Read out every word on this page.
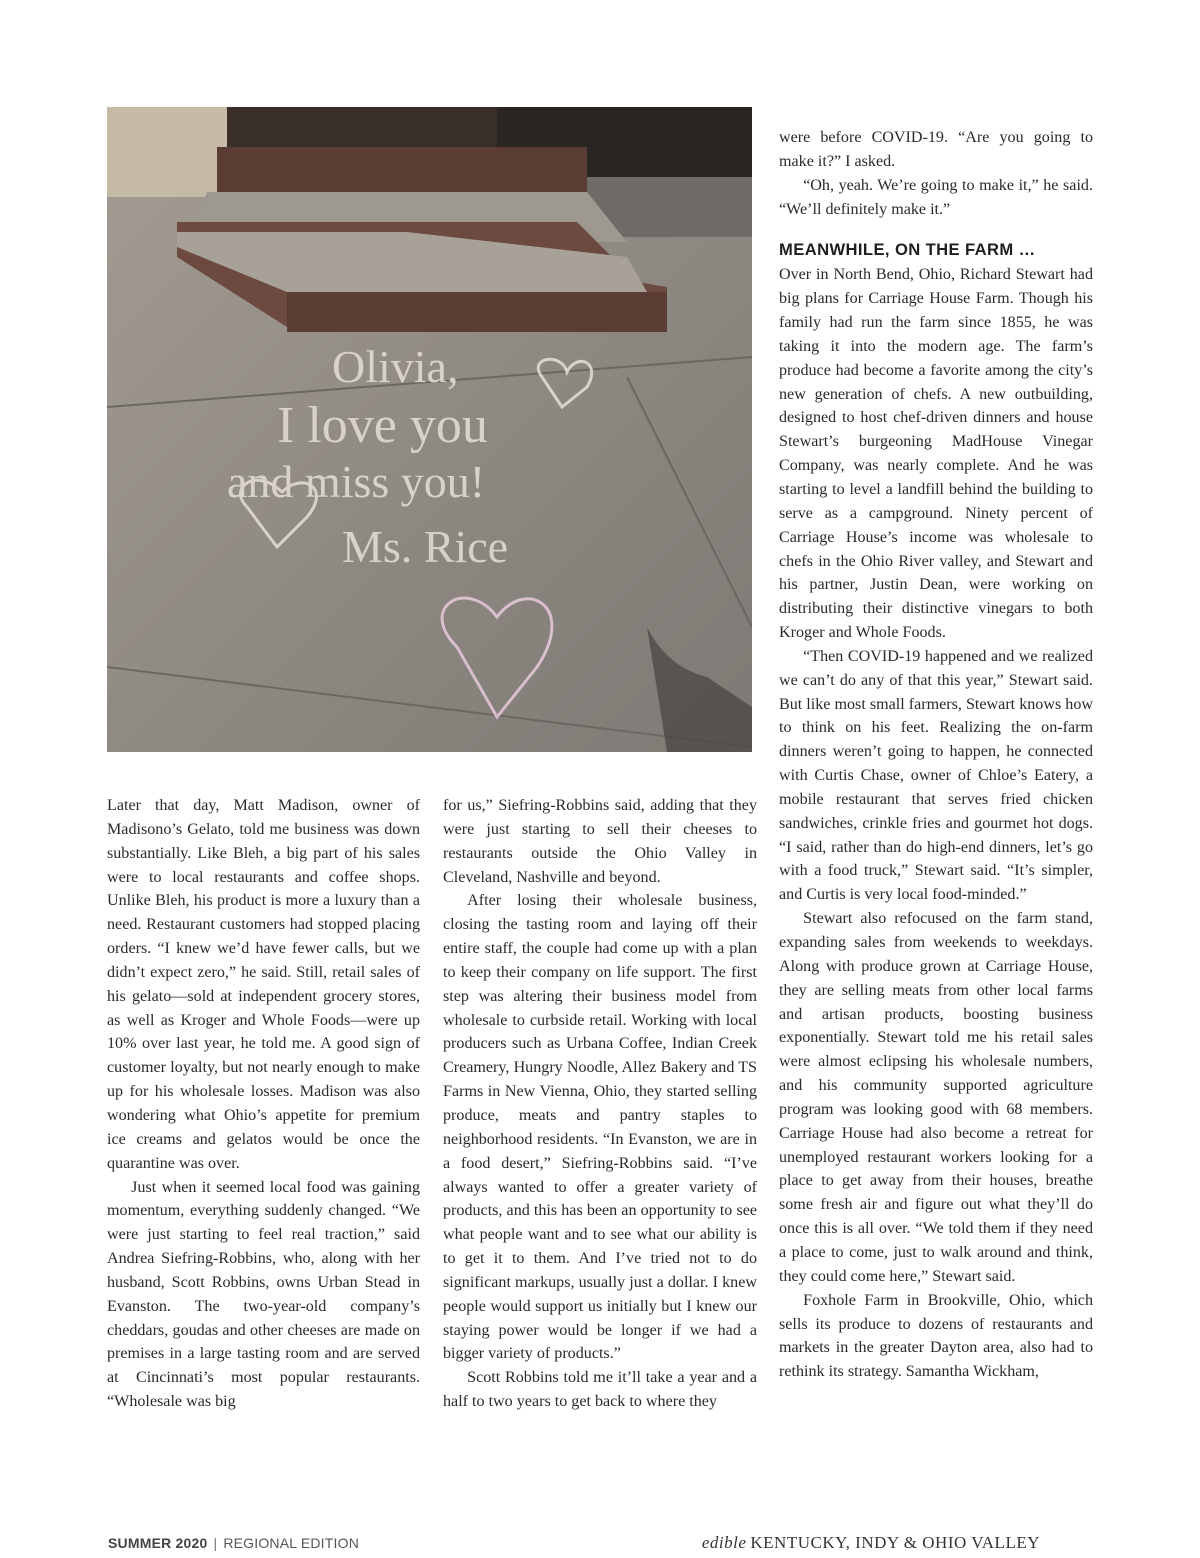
Olivia,
I love you
and miss you!
Ms. Rice

Later that day, Matt Madison, owner of Madisono’s Gelato, told me business was down substantially. Like Bleh, a big part of his sales were to local restaurants and coffee shops. Unlike Bleh, his product is more a luxury than a need. Restaurant customers had stopped placing orders. “I knew we’d have fewer calls, but we didn’t expect zero,” he said. Still, retail sales of his gelato—sold at independent grocery stores, as well as Kroger and Whole Foods—were up 10% over last year, he told me. A good sign of customer loyalty, but not nearly enough to make up for his wholesale losses. Madison was also wondering what Ohio’s appetite for premium ice creams and gelatos would be once the quarantine was over.

Just when it seemed local food was gaining momentum, everything suddenly changed. “We were just starting to feel real traction,” said Andrea Siefring-Robbins, who, along with her husband, Scott Robbins, owns Urban Stead in Evanston. The two-year-old company’s cheddars, goudas and other cheeses are made on premises in a large tasting room and are served at Cincinnati’s most popular restaurants. “Wholesale was big

for us,” Siefring-Robbins said, adding that they were just starting to sell their cheeses to restaurants outside the Ohio Valley in Cleveland, Nashville and beyond.

After losing their wholesale business, closing the tasting room and laying off their entire staff, the couple had come up with a plan to keep their company on life support. The first step was altering their business model from wholesale to curbside retail. Working with local producers such as Urbana Coffee, Indian Creek Creamery, Hungry Noodle, Allez Bakery and TS Farms in New Vienna, Ohio, they started selling produce, meats and pantry staples to neighborhood residents. “In Evanston, we are in a food desert,” Siefring-Robbins said. “I’ve always wanted to offer a greater variety of products, and this has been an opportunity to see what people want and to see what our ability is to get it to them. And I’ve tried not to do significant markups, usually just a dollar. I knew people would support us initially but I knew our staying power would be longer if we had a bigger variety of products.”

Scott Robbins told me it’ll take a year and a half to two years to get back to where they

were before COVID-19. “Are you going to make it?” I asked.

“Oh, yeah. We’re going to make it,” he said. “We’ll definitely make it.”

MEANWHILE, ON THE FARM …

Over in North Bend, Ohio, Richard Stewart had big plans for Carriage House Farm. Though his family had run the farm since 1855, he was taking it into the modern age. The farm’s produce had become a favorite among the city’s new generation of chefs. A new outbuilding, designed to host chef-driven dinners and house Stewart’s burgeoning MadHouse Vinegar Company, was nearly complete. And he was starting to level a landfill behind the building to serve as a campground. Ninety percent of Carriage House’s income was wholesale to chefs in the Ohio River valley, and Stewart and his partner, Justin Dean, were working on distributing their distinctive vinegars to both Kroger and Whole Foods.

“Then COVID-19 happened and we realized we can’t do any of that this year,” Stewart said. But like most small farmers, Stewart knows how to think on his feet. Realizing the on-farm dinners weren’t going to happen, he connected with Curtis Chase, owner of Chloe’s Eatery, a mobile restaurant that serves fried chicken sandwiches, crinkle fries and gourmet hot dogs. “I said, rather than do high-end dinners, let’s go with a food truck,” Stewart said. “It’s simpler, and Curtis is very local food-minded.”

Stewart also refocused on the farm stand, expanding sales from weekends to weekdays. Along with produce grown at Carriage House, they are selling meats from other local farms and artisan products, boosting business exponentially. Stewart told me his retail sales were almost eclipsing his wholesale numbers, and his community supported agriculture program was looking good with 68 members. Carriage House had also become a retreat for unemployed restaurant workers looking for a place to get away from their houses, breathe some fresh air and figure out what they’ll do once this is all over. “We told them if they need a place to come, just to walk around and think, they could come here,” Stewart said.

Foxhole Farm in Brookville, Ohio, which sells its produce to dozens of restaurants and markets in the greater Dayton area, also had to rethink its strategy. Samantha Wickham,

SUMMER 2020 | REGIONAL EDITION	edible KENTUCKY, INDY & OHIO VALLEY
